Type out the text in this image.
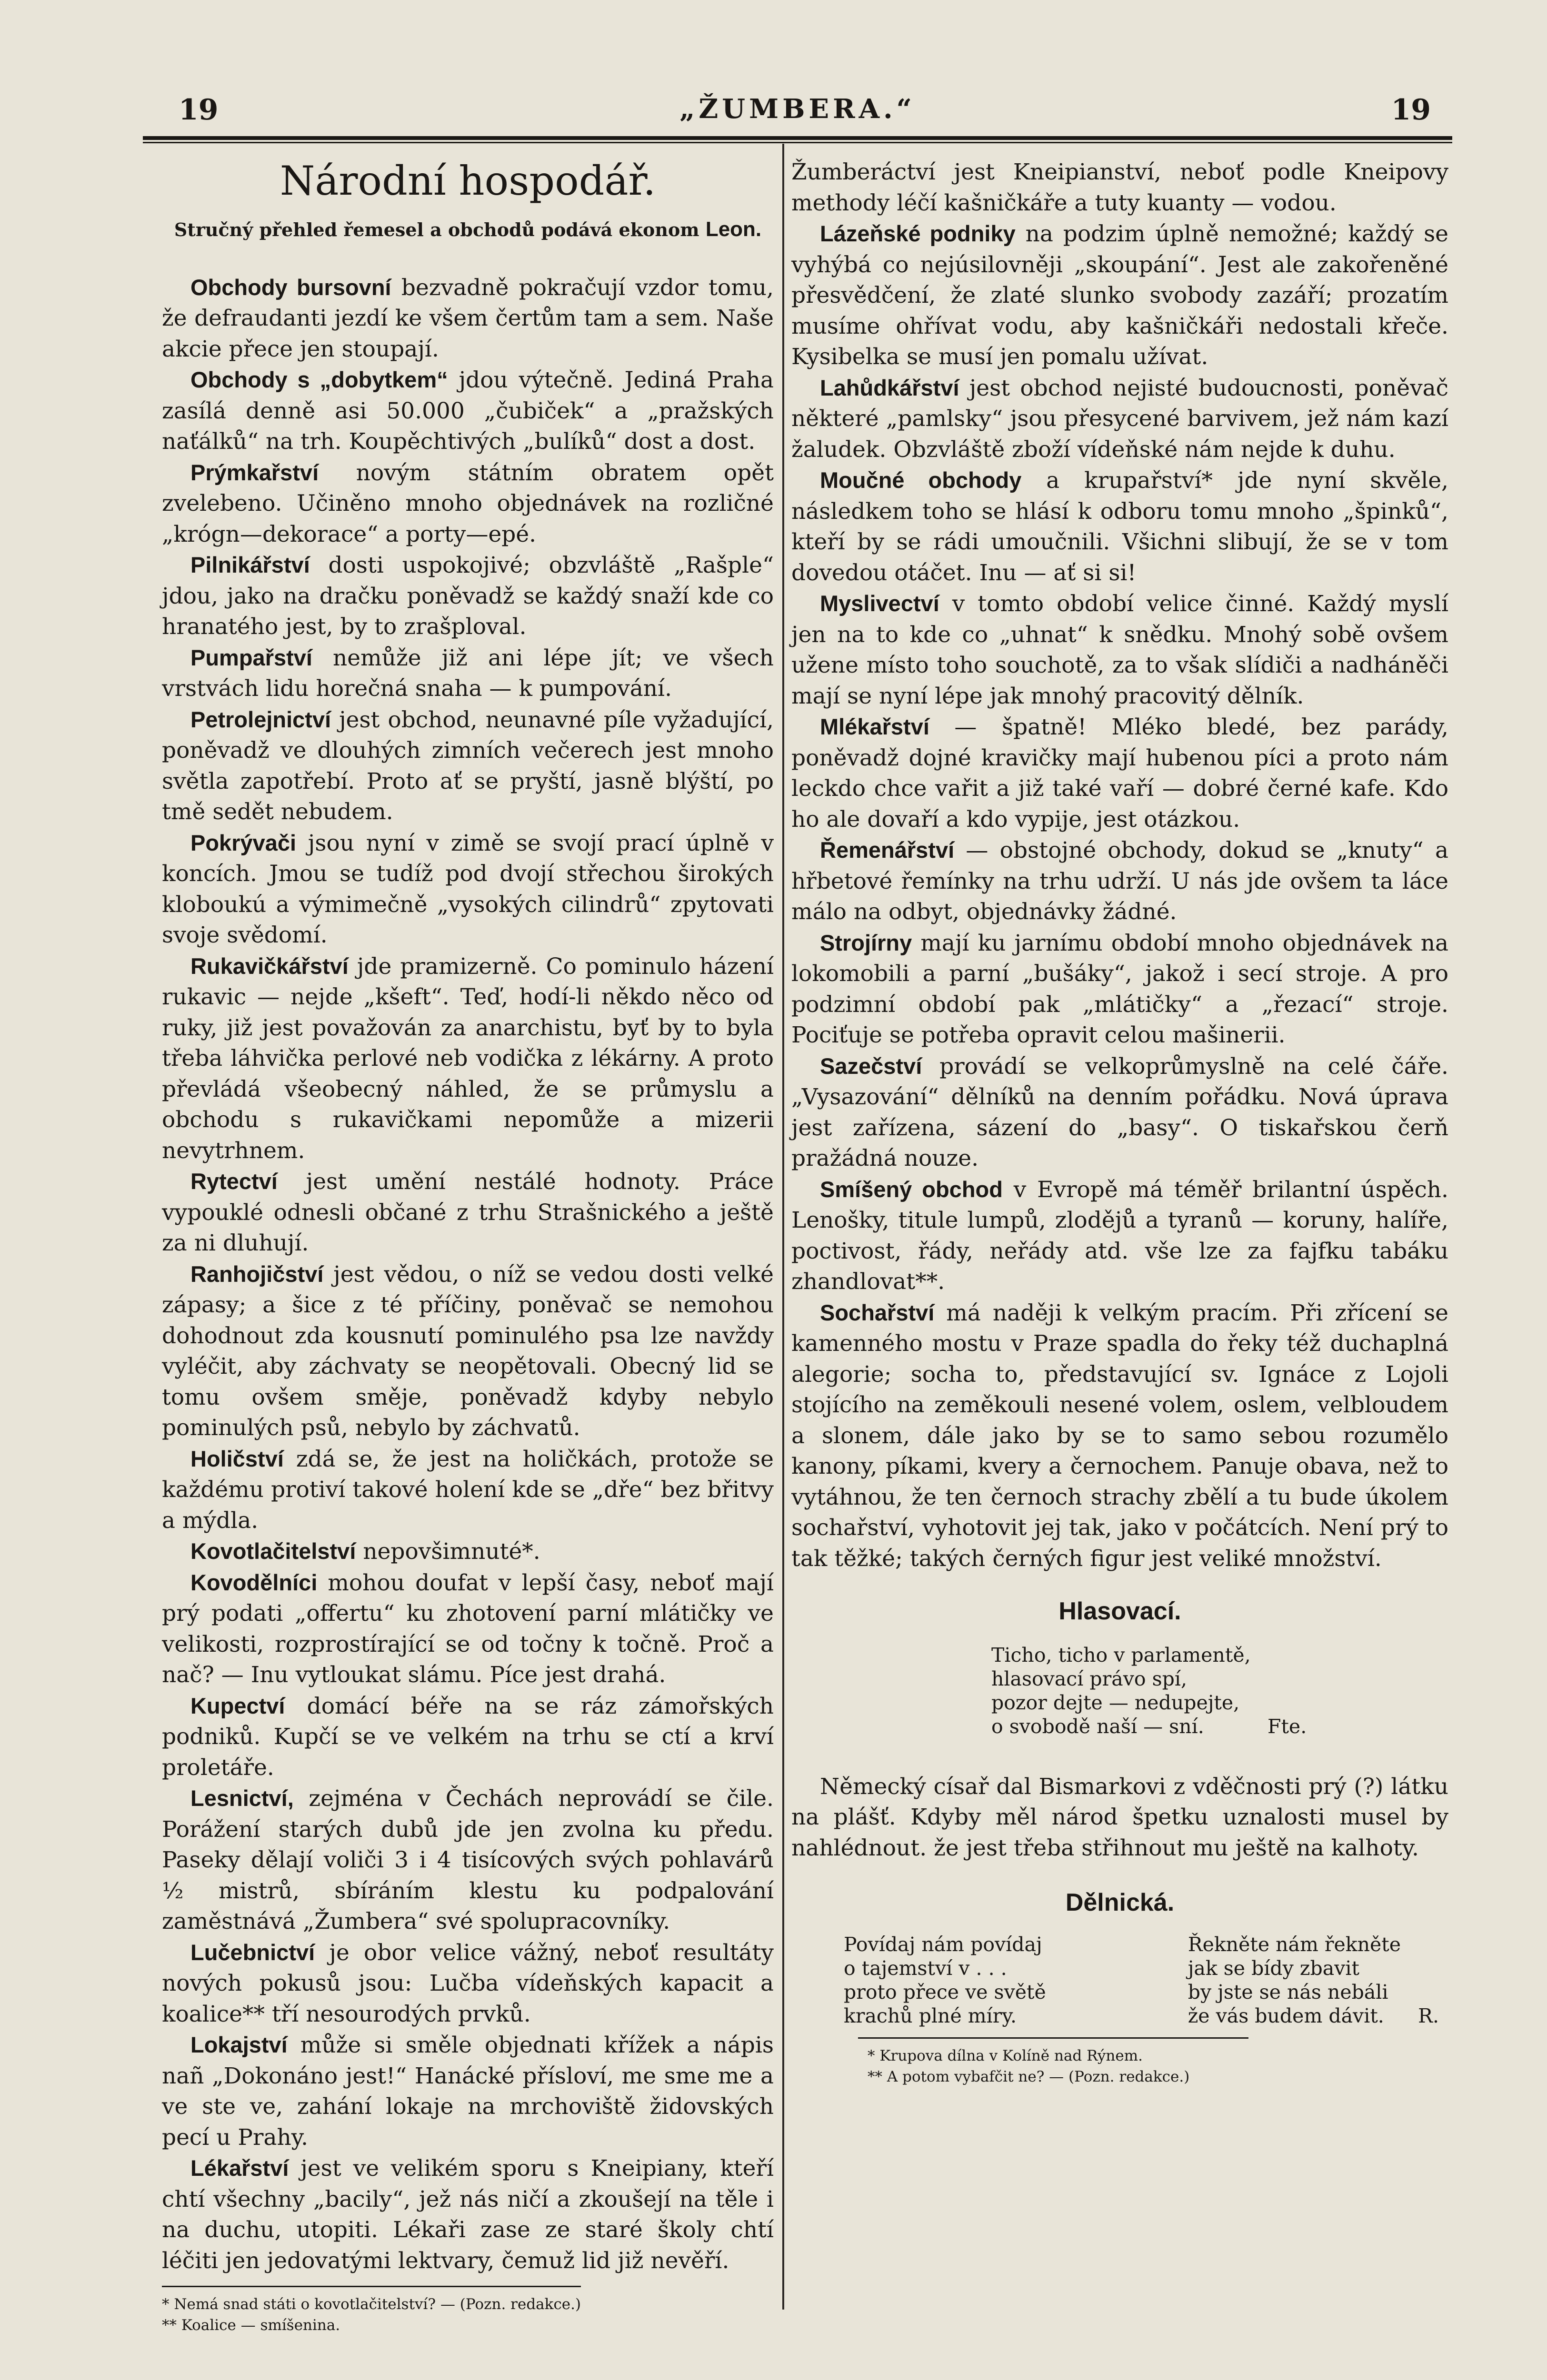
19	„ŽUMBERA.“	19
Národní hospodář.
Stručný přehled řemesel a obchodů podává ekonom Leon.

Obchody bursovní bezvadně pokračují vzdor tomu, že defraudanti jezdí ke všem čertům tam a sem. Naše akcie přece jen stoupají.

Obchody s „dobytkem“ jdou výtečně. Jediná Praha zasílá denně asi 50.000 „čubiček“ a „pražských naťálků“ na trh. Koupěchtivých „bulíků“ dost a dost.

Prýmkařství novým státním obratem opět zvelebeno. Učiněno mnoho objednávek na rozličné „krógn—dekorace“ a porty—epé.

Pilnikářství dosti uspokojivé; obzvláště „Rašple“ jdou, jako na dračku poněvadž se každý snaží kde co hranatého jest, by to zrašploval.

Pumpařství nemůže již ani lépe jít; ve všech vrstvách lidu horečná snaha — k pumpování.

Petrolejnictví jest obchod, neunavné píle vyžadující, poněvadž ve dlouhých zimních večerech jest mnoho světla zapotřebí. Proto ať se pryští, jasně blýští, po tmě sedět nebudem.

Pokrývači jsou nyní v zimě se svojí prací úplně v koncích. Jmou se tudíž pod dvojí střechou širokých kloboukú a výmimečně „vysokých cilindrů“ zpytovati svoje svědomí.

Rukavičkářství jde pramizerně. Co pominulo házení rukavic — nejde „kšeft“. Teď, hodí-li někdo něco od ruky, již jest považován za anarchistu, byť by to byla třeba láhvička perlové neb vodička z lékárny. A proto převládá všeobecný náhled, že se průmyslu a obchodu s rukavičkami nepomůže a mizerii nevytrhnem.

Rytectví jest umění nestálé hodnoty. Práce vypouklé odnesli občané z trhu Strašnického a ještě za ni dluhují.

Ranhojičství jest vědou, o níž se vedou dosti velké zápasy; a šice z té příčiny, poněvač se nemohou dohodnout zda kousnutí pominulého psa lze navždy vyléčit, aby záchvaty se neopětovali. Obecný lid se tomu ovšem směje, poněvadž kdyby nebylo pominulých psů, nebylo by záchvatů.

Holičství zdá se, že jest na holičkách, protože se každému protiví takové holení kde se „dře“ bez břitvy a mýdla.

Kovotlačitelství nepovšimnuté*.

Kovodělníci mohou doufat v lepší časy, neboť mají prý podati „offertu“ ku zhotovení parní mlátičky ve velikosti, rozprostírající se od točny k točně. Proč a nač? — Inu vytloukat slámu. Píce jest drahá.

Kupectví domácí béře na se ráz zámořských podniků. Kupčí se ve velkém na trhu se ctí a krví proletáře.

Lesnictví, zejména v Čechách neprovádí se čile. Porážení starých dubů jde jen zvolna ku předu. Paseky dělají voliči 3 i 4 tisícových svých pohlavárů ½ mistrů, sbíráním klestu ku podpalování zaměstnává „Žumbera“ své spolupracovníky.

Lučebnictví je obor velice vážný, neboť resultáty nových pokusů jsou: Lučba vídeňských kapacit a koalice** tří nesourodých prvků.

Lokajství může si směle objednati křížek a nápis nañ „Dokonáno jest!“ Hanácké přísloví, me sme me a ve ste ve, zahání lokaje na mrchoviště židovských pecí u Prahy.

Lékařství jest ve velikém sporu s Kneipiany, kteří chtí všechny „bacily“, jež nás ničí a zkoušejí na těle i na duchu, utopiti. Lékaři zase ze staré školy chtí léčiti jen jedovatými lektvary, čemuž lid již nevěří.

* Nemá snad státi o kovotlačitelství? — (Pozn. redakce.)
** Koalice — smíšenina.

Žumberáctví jest Kneipianství, neboť podle Kneipovy methody léčí kašničkáře a tuty kuanty — vodou.

Lázeňské podniky na podzim úplně nemožné; každý se vyhýbá co nejúsilovněji „skoupání“. Jest ale zakořeněné přesvědčení, že zlaté slunko svobody zazáří; prozatím musíme ohřívat vodu, aby kašničkáři nedostali křeče. Kysibelka se musí jen pomalu užívat.

Lahůdkářství jest obchod nejisté budoucnosti, poněvač některé „pamlsky“ jsou přesycené barvivem, jež nám kazí žaludek. Obzvláště zboží vídeňské nám nejde k duhu.

Moučné obchody a krupařství* jde nyní skvěle, následkem toho se hlásí k odboru tomu mnoho „špinků“, kteří by se rádi umoučnili. Všichni slibují, že se v tom dovedou otáčet. Inu — ať si si!

Myslivectví v tomto období velice činné. Každý myslí jen na to kde co „uhnat“ k snědku. Mnohý sobě ovšem užene místo toho souchotě, za to však slídiči a nadháněči mají se nyní lépe jak mnohý pracovitý dělník.

Mlékařství — špatně! Mléko bledé, bez parády, poněvadž dojné kravičky mají hubenou píci a proto nám leckdo chce vařit a již také vaří — dobré černé kafe. Kdo ho ale dovaří a kdo vypije, jest otázkou.

Řemenářství — obstojné obchody, dokud se „knuty“ a hřbetové řemínky na trhu udrží. U nás jde ovšem ta láce málo na odbyt, objednávky žádné.

Strojírny mají ku jarnímu období mnoho objednávek na lokomobili a parní „bušáky“, jakož i secí stroje. A pro podzimní období pak „mlátičky“ a „řezací“ stroje. Pociťuje se potřeba opravit celou mašinerii.

Sazečství provádí se velkoprůmyslně na celé čáře. „Vysazování“ dělníků na denním pořádku. Nová úprava jest zařízena, sázení do „basy“. O tiskařskou čerň pražádná nouze.

Smíšený obchod v Evropě má téměř brilantní úspěch. Lenošky, titule lumpů, zlodějů a tyranů — koruny, halíře, poctivost, řády, neřády atd. vše lze za fajfku tabáku zhandlovat**.

Sochařství má naději k velkým pracím. Při zřícení se kamenného mostu v Praze spadla do řeky též duchaplná alegorie; socha to, představující sv. Ignáce z Lojoli stojícího na zeměkouli nesené volem, oslem, velbloudem a slonem, dále jako by se to samo sebou rozumělo kanony, píkami, kvery a černochem. Panuje obava, než to vytáhnou, že ten černoch strachy zbělí a tu bude úkolem sochařství, vyhotovit jej tak, jako v počátcích. Není prý to tak těžké; takých černých figur jest veliké množství.

Hlasovací.
Ticho, ticho v parlamentě,
hlasovací právo spí,
pozor dejte — nedupejte,
o svobodě naší — sní.	Fte.

Německý císař dal Bismarkovi z vděčnosti prý (?) látku na plášť. Kdyby měl národ špetku uznalosti musel by nahlédnout. že jest třeba střihnout mu ještě na kalhoty.

Dělnická.
Povídaj nám povídaj
o tajemství v . . .
proto přece ve světě
krachů plné míry.
Řekněte nám řekněte
jak se bídy zbavit
by jste se nás nebáli
že vás budem dávit.	R.
* Krupova dílna v Kolíně nad Rýnem.
** A potom vybafčit ne? — (Pozn. redakce.)
